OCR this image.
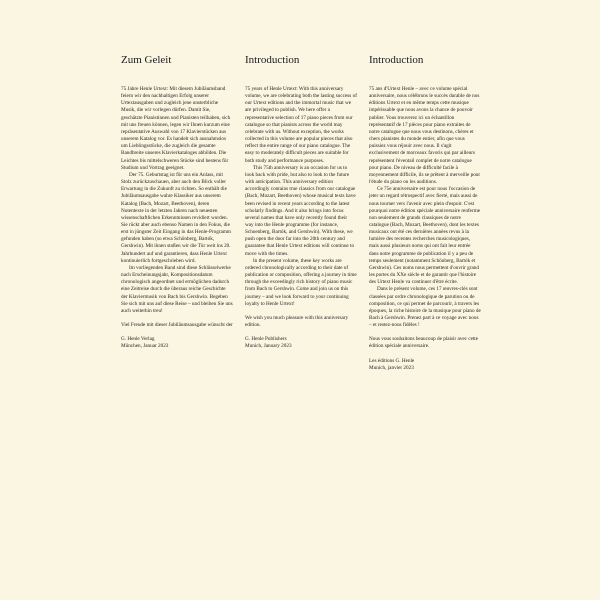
Zum Geleit

75 Jahre Henle Urtext: Mit diesem Jubiläumsband feiern wir den nachhaltigen Erfolg unserer Urtextausgaben und zugleich jene unsterbliche Musik, die wir vorlegen dürfen. Damit Sie, geschätzte Pianistinnen und Pianisten teilhaben, sich mit uns freuen können, legen wir Ihnen kurzum eine repräsentative Auswahl von 17 Klavierstücken aus unserem Katalog vor. Es handelt sich ausnahmslos um Lieblingsstücke, die zugleich die gesamte Bandbreite unseres Klavierkataloges abbilden. Die Leichtes bis mittelschweren Stücke sind bestens für Studium und Vortrag geeignet.

Der 75. Geburtstag ist für uns ein Anlass, mit Stolz zurückzuschauen, aber auch den Blick voller Erwartung in die Zukunft zu richten. So enthält die Jubiläumsausgabe wahre Klassiker aus unserem Katalog (Bach, Mozart, Beethoven), deren Notentexte in der letzten Jahren nach neuesten wissenschaftlichen Erkenntnissen revidiert wurden. Sie rückt aber auch ebenso Namen in den Fokus, die erst in jüngster Zeit Eingang in das Henle-Programm gefunden haben (so etwa Schönberg, Bartók, Gershwin). Mit ihnen stoßen wir die Tür weit ins 20. Jahrhundert auf und garantieren, dass Henle Urtext kontinuierlich fortgeschrieben wird.

Im vorliegenden Band sind diese Schlüsselwerke nach Erscheinungsjahr, Kompositionsdatum chronologisch angeordnet und ermöglichen dadurch eine Zeitreise durch die überaus reiche Geschichte der Klaviermusik von Bach bis Gershwin. Begeben Sie sich mit uns auf diese Reise – und bleiben Sie uns auch weiterhin treu!

Viel Freude mit dieser Jubiläumsausgabe wünscht der

G. Henle Verlag
München, Januar 2023
Introduction

75 years of Henle Urtext: With this anniversary volume, we are celebrating both the lasting success of our Urtext editions and the immortal music that we are privileged to publish. We here offer a representative selection of 17 piano pieces from our catalogue so that pianists across the world may celebrate with us. Without exception, the works collected in this volume are popular pieces that also reflect the entire range of our piano catalogue. The easy to moderately difficult pieces are suitable for both study and performance purposes.

This 75th anniversary is an occasion for us to look back with pride, but also to look to the future with anticipation. This anniversary edition accordingly contains true classics from our catalogue (Bach, Mozart, Beethoven) whose musical texts have been revised in recent years according to the latest scholarly findings. And it also brings into focus several names that have only recently found their way into the Henle programme (for instance, Schoenberg, Bartók, and Gershwin). With these, we push open the door far into the 20th century and guarantee that Henle Urtext editions will continue to move with the times.

In the present volume, these key works are ordered chronologically according to their date of publication or composition, offering a journey in time through the exceedingly rich history of piano music from Bach to Gershwin. Come and join us on this journey – and we look forward to your continuing loyalty to Henle Urtext!

We wish you much pleasure with this anniversary edition.

G. Henle Publishers
Munich, January 2023
Introduction

75 ans d'Urtext Henle – avec ce volume spécial anniversaire, nous célébrons le succès durable de nos éditions Urtext et en même temps cette musique impérissable que nous avons la chance de pouvoir publier. Vous trouverez ici un échantillon représentatif de 17 pièces pour piano extraites de notre catalogue que nous vous destinons, chères et chers pianistes du monde entier, afin que vous puissiez vous réjouir avec nous. Il s'agit exclusivement de morceaux favoris qui par ailleurs représentent l'éventail complet de notre catalogue pour piano. De niveau de difficulté facile à moyennement difficile, ils se prêtent à merveille pour l'étude du piano ou les auditions.

Ce 75e anniversaire est pour nous l'occasion de jeter un regard rétrospectif avec fierté, mais aussi de nous tourner vers l'avenir avec plein d'espoir. C'est pourquoi notre édition spéciale anniversaire renferme non seulement de grands classiques de notre catalogue (Bach, Mozart, Beethoven), dont les textes musicaux ont été ces dernières années revus à la lumière des recentes recherches musicologiques, mais aussi plusieurs noms qui ont fait leur entrée dans notre programme de publication il y a peu de temps seulement (notamment Schönberg, Bartók et Gershwin). Ces noms nous permettent d'ouvrir grand les portes du XXe siècle et de garantir que l'histoire des Urtext Henle va continuer d'être écrite.

Dans le présent volume, ces 17 œuvres-clés sont classées par ordre chronologique de parution ou de composition, ce qui permet de parcourir, à travers les époques, la riche histoire de la musique pour piano de Bach à Gershwin. Prenez part à ce voyage avec nous – et restez-nous fidèles !

Nous vous souhaitons beaucoup de plaisir avec cette édition spéciale anniversaire.

Les éditions G. Henle
Munich, janvier 2023
